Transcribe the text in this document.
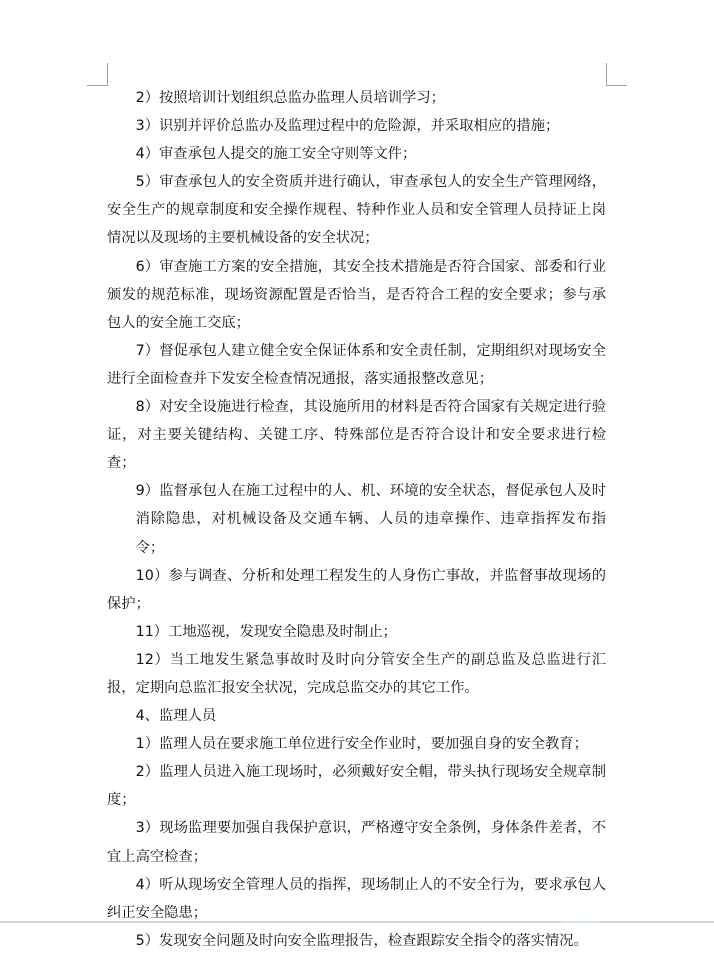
2）按照培训计划组织总监办监理人员培训学习；

3）识别并评价总监办及监理过程中的危险源，并采取相应的措施；

4）审查承包人提交的施工安全守则等文件；

5）审查承包人的安全资质并进行确认，审查承包人的安全生产管理网络，安全生产的规章制度和安全操作规程、特种作业人员和安全管理人员持证上岗情况以及现场的主要机械设备的安全状况；

6）审查施工方案的安全措施，其安全技术措施是否符合国家、部委和行业颁发的规范标准，现场资源配置是否恰当，是否符合工程的安全要求；参与承包人的安全施工交底；

7）督促承包人建立健全安全保证体系和安全责任制，定期组织对现场安全进行全面检查并下发安全检查情况通报，落实通报整改意见；

8）对安全设施进行检查，其设施所用的材料是否符合国家有关规定进行验证，对主要关键结构、关键工序、特殊部位是否符合设计和安全要求进行检查；

9）监督承包人在施工过程中的人、机、环境的安全状态，督促承包人及时消除隐患，对机械设备及交通车辆、人员的违章操作、违章指挥发布指令；

10）参与调查、分析和处理工程发生的人身伤亡事故，并监督事故现场的保护；

11）工地巡视，发现安全隐患及时制止；

12）当工地发生紧急事故时及时向分管安全生产的副总监及总监进行汇报，定期向总监汇报安全状况，完成总监交办的其它工作。

4、监理人员

1）监理人员在要求施工单位进行安全作业时，要加强自身的安全教育；

2）监理人员进入施工现场时，必须戴好安全帽，带头执行现场安全规章制度；

3）现场监理要加强自我保护意识，严格遵守安全条例，身体条件差者，不宜上高空检查；

4）听从现场安全管理人员的指挥，现场制止人的不安全行为，要求承包人纠正安全隐患；

5）发现安全问题及时向安全监理报告，检查跟踪安全指令的落实情况。
